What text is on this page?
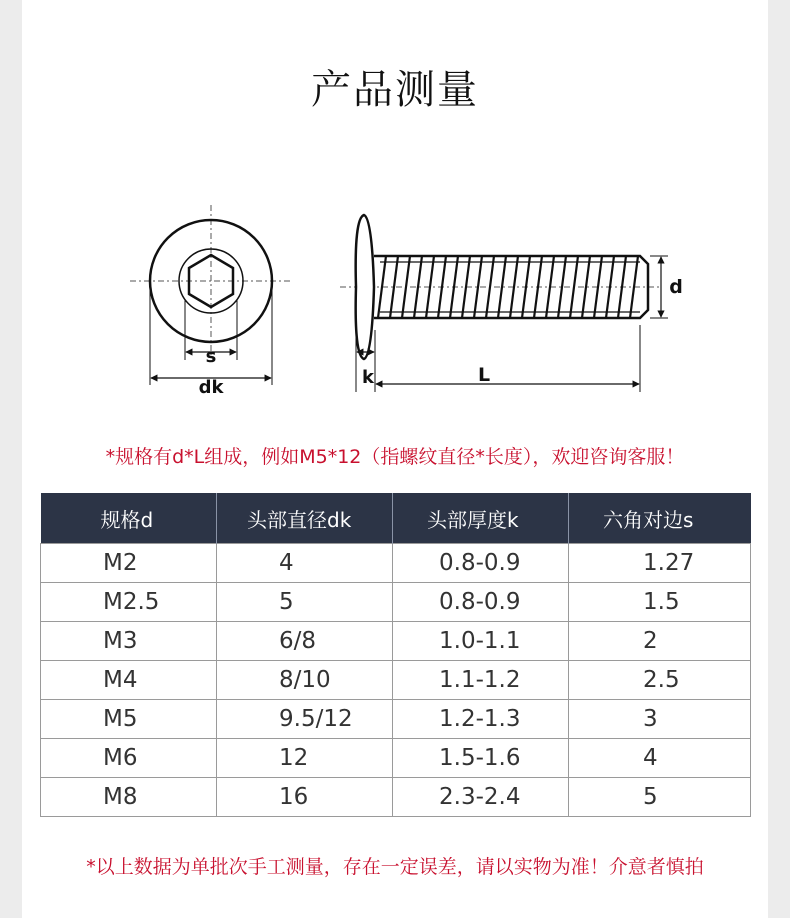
产品测量
s
dk
d
k	L
*规格有d*L组成，例如M5*12（指螺纹直径*长度），欢迎咨询客服！
规格d	头部直径dk	头部厚度k	六角对边s
M2	4	0.8-0.9	1.27
M2.5	5	0.8-0.9	1.5
M3	6/8	1.0-1.1	2
M4	8/10	1.1-1.2	2.5
M5	9.5/12	1.2-1.3	3
M6	12	1.5-1.6	4
M8	16	2.3-2.4	5
*以上数据为单批次手工测量，存在一定误差，请以实物为准！介意者慎拍
